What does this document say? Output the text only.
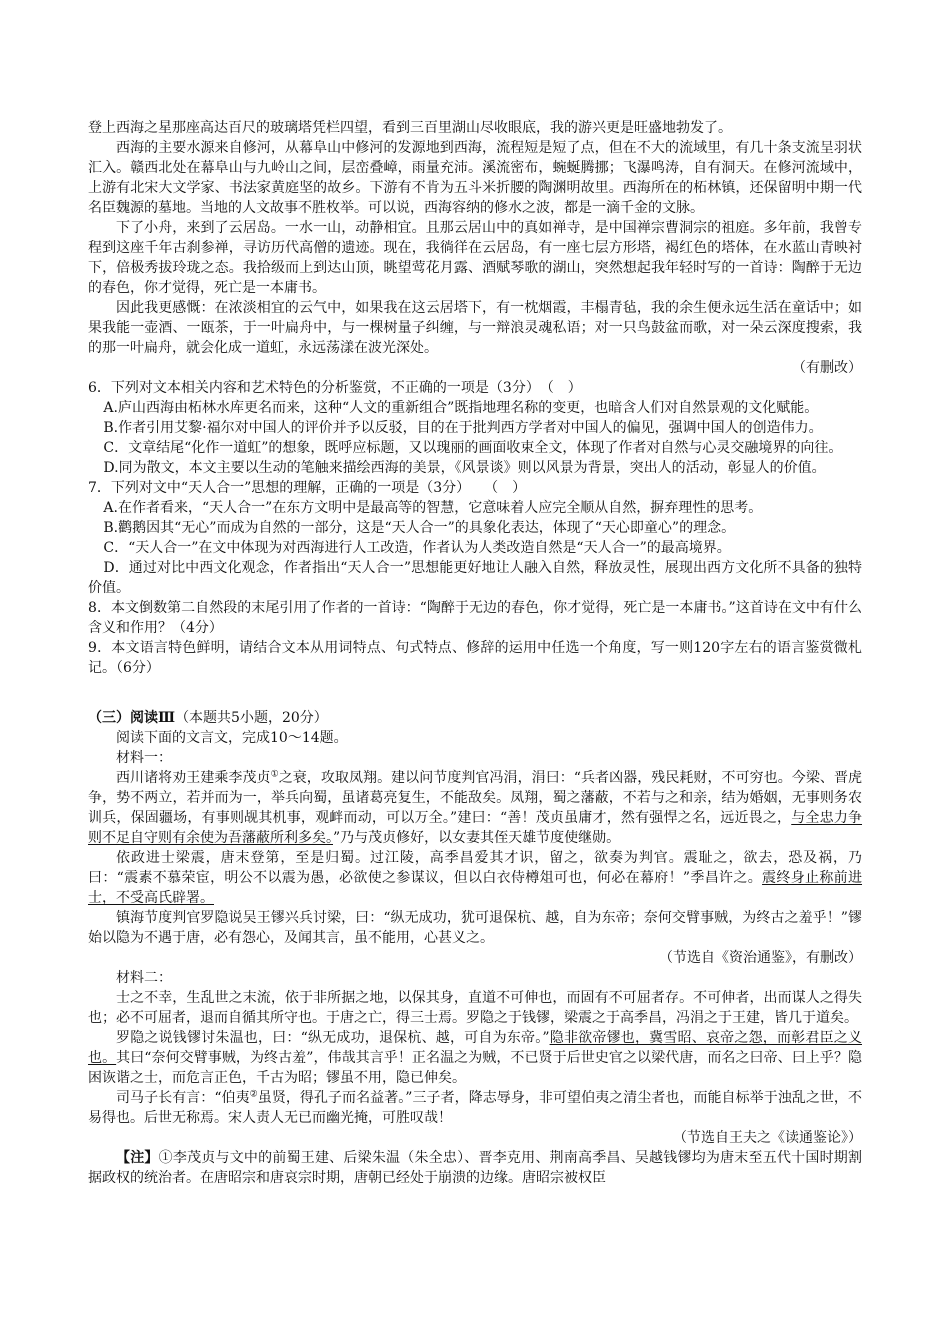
登上西海之星那座高达百尺的玻璃塔凭栏四望，看到三百里湖山尽收眼底，我的游兴更是旺盛地勃发了。

西海的主要水源来自修河，从幕阜山中修河的发源地到西海，流程短是短了点，但在不大的流域里，有几十条支流呈羽状汇入。赣西北处在幕阜山与九岭山之间，层峦叠嶂，雨量充沛。溪流密布，蜿蜒腾挪；飞瀑鸣涛，自有洞天。在修河流域中，上游有北宋大文学家、书法家黄庭坚的故乡。下游有不肯为五斗米折腰的陶渊明故里。西海所在的柘林镇，还保留明中期一代名臣魏源的墓地。当地的人文故事不胜枚举。可以说，西海容纳的修水之波，都是一滴千金的文脉。

下了小舟，来到了云居岛。一水一山，动静相宜。且那云居山中的真如禅寺，是中国禅宗曹洞宗的祖庭。多年前，我曾专程到这座千年古刹参禅，寻访历代高僧的遗迹。现在，我徜徉在云居岛，有一座七层方形塔，褐红色的塔体，在水蓝山青映衬下，倍极秀拔玲珑之态。我拾级而上到达山顶，眺望莺花月露、酒赋琴歌的湖山，突然想起我年轻时写的一首诗：陶醉于无边的春色，你才觉得，死亡是一本庸书。

因此我更感慨：在浓淡相宜的云气中，如果我在这云居塔下，有一枕烟霞，丰榻青毡，我的余生便永远生活在童话中；如果我能一壶酒、一瓯茶，于一叶扁舟中，与一棵树量子纠缠，与一辩浪灵魂私语；对一只鸟鼓盆而歌，对一朵云深度搜索，我的那一叶扁舟，就会化成一道虹，永远荡漾在波光深处。

（有删改）

6．下列对文本相关内容和艺术特色的分析鉴赏，不正确的一项是（3分）　（　）

A.庐山西海由柘林水库更名而来，这种“人文的重新组合”既指地理名称的变更，也暗含人们对自然景观的文化赋能。

B.作者引用艾黎·福尔对中国人的评价并予以反驳，目的在于批判西方学者对中国人的偏见，强调中国人的创造伟力。

C．文章结尾“化作一道虹”的想象，既呼应标题，又以瑰丽的画面收束全文，体现了作者对自然与心灵交融境界的向往。

D.同为散文，本文主要以生动的笔触来描绘西海的美景，《风景谈》则以风景为背景，突出人的活动，彰显人的价值。

7．下列对文中“天人合一”思想的理解，正确的一项是（3分）　　（　）

A.在作者看来，“天人合一”在东方文明中是最高等的智慧，它意味着人应完全顺从自然，摒弃理性的思考。

B.鹳鹅因其“无心”而成为自然的一部分，这是“天人合一”的具象化表达，体现了“天心即童心”的理念。

C．“天人合一”在文中体现为对西海进行人工改造，作者认为人类改造自然是“天人合一”的最高境界。

D．通过对比中西文化观念，作者指出“天人合一”思想能更好地让人融入自然，释放灵性，展现出西方文化所不具备的独特价值。

8．本文倒数第二自然段的末尾引用了作者的一首诗：“陶醉于无边的春色，你才觉得，死亡是一本庸书。”这首诗在文中有什么含义和作用？（4分）

9．本文语言特色鲜明，请结合文本从用词特点、句式特点、修辞的运用中任选一个角度，写一则120字左右的语言鉴赏微札记。（6分）

（三）阅读Ⅲ（本题共5小题，20分）

阅读下面的文言文，完成10～14题。

材料一：

西川诸将劝王建乘李茂贞①之衰，攻取凤翔。建以问节度判官冯涓，涓曰：“兵者凶器，残民耗财，不可穷也。今梁、晋虎争，势不两立，若并而为一，举兵向蜀，虽诸葛亮复生，不能敌矣。凤翔，蜀之藩蔽，不若与之和亲，结为婚姻，无事则务农训兵，保固疆场，有事则觇其机事，观衅而动，可以万全。”建曰：“善！茂贞虽庸才，然有强悍之名，远近畏之，与全忠力争则不足自守则有余使为吾藩蔽所利多矣。”乃与茂贞修好，以女妻其侄天雄节度使继勋。

依政进士梁震，唐末登第，至是归蜀。过江陵，高季昌爱其才识，留之，欲奏为判官。震耻之，欲去，恐及祸，乃曰：“震素不慕荣宦，明公不以震为愚，必欲使之参谋议，但以白衣侍樽俎可也，何必在幕府！”季昌许之。震终身止称前进士，不受高氏辟署。

镇海节度判官罗隐说吴王镠兴兵讨梁，曰：“纵无成功，犹可退保杭、越，自为东帝；奈何交臂事贼，为终古之羞乎！”镠始以隐为不遇于唐，必有怨心，及闻其言，虽不能用，心甚义之。

（节选自《资治通鉴》，有删改）

材料二：

士之不幸，生乱世之末流，依于非所据之地，以保其身，直道不可伸也，而固有不可屈者存。不可伸者，出而谋人之得失也；必不可屈者，退而自循其所守也。于唐之亡，得三士焉。罗隐之于钱镠，梁震之于高季昌，冯涓之于王建，皆几于道矣。

罗隐之说钱镠讨朱温也，曰：“纵无成功，退保杭、越，可自为东帝。”隐非欲帝镠也，冀雪昭、哀帝之怨，而彰君臣之义也。其曰“奈何交臂事贼，为终古羞”，伟哉其言乎！正名温之为贼，不已贤于后世史官之以梁代唐，而名之曰帝、曰上乎？隐困诙谐之士，而危言正色，千古为昭；镠虽不用，隐已伸矣。

司马子长有言：“伯夷②虽贤，得孔子而名益著。”三子者，降志辱身，非可望伯夷之清尘者也，而能自标举于浊乱之世，不易得也。后世无称焉。宋人责人无已而幽光掩，可胜叹哉！

（节选自王夫之《读通鉴论》）

【注】①李茂贞与文中的前蜀王建、后梁朱温（朱全忠）、晋李克用、荆南高季昌、吴越钱镠均为唐末至五代十国时期割据政权的统治者。在唐昭宗和唐哀宗时期，唐朝已经处于崩溃的边缘。唐昭宗被权臣
